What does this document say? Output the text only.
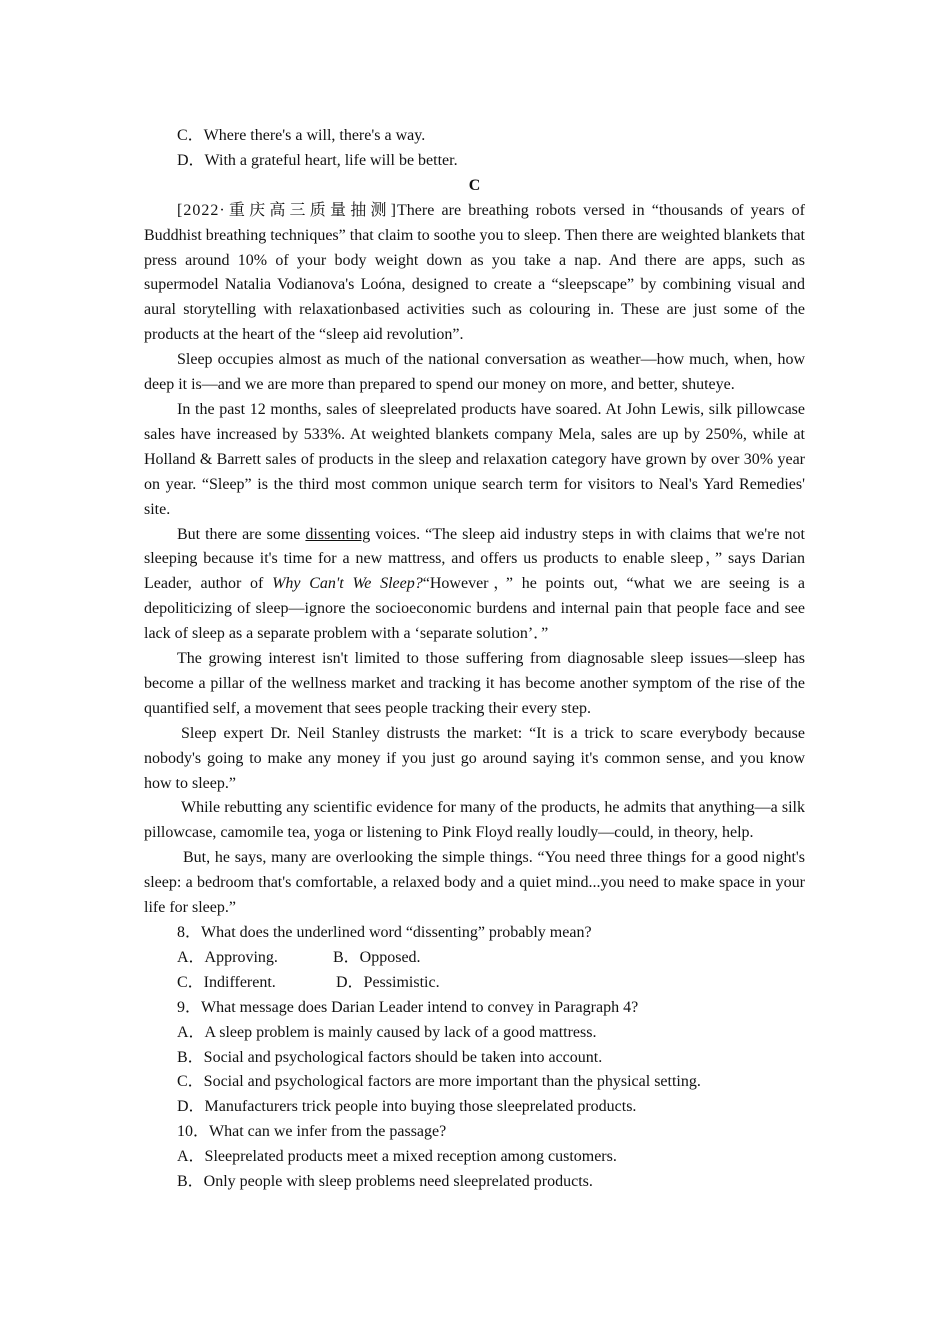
C．Where there's a will, there's a way.

D．With a grateful heart, life will be better.

C

[2022·重庆高三质量抽测]There are breathing robots versed in “thousands of years of Buddhist breathing techniques” that claim to soothe you to sleep. Then there are weighted blankets that press around 10% of your body weight down as you take a nap. And there are apps, such as supermodel Natalia Vodianova's Loóna, designed to create a “sleepscape” by combining visual and aural storytelling with relaxationbased activities such as colouring in. These are just some of the products at the heart of the “sleep aid revolution”.

Sleep occupies almost as much of the national conversation as weather—how much, when, how deep it is—and we are more than prepared to spend our money on more, and better, shuteye.

In the past 12 months, sales of sleeprelated products have soared. At John Lewis, silk pillowcase sales have increased by 533%. At weighted blankets company Mela, sales are up by 250%, while at Holland & Barrett sales of products in the sleep and relaxation category have grown by over 30% year on year. “Sleep” is the third most common unique search term for visitors to Neal's Yard Remedies' site.

But there are some dissenting voices. “The sleep aid industry steps in with claims that we're not sleeping because it's time for a new mattress, and offers us products to enable sleep，” says Darian Leader, author of Why Can't We Sleep?“However，” he points out, “what we are seeing is a depoliticizing of sleep—ignore the socioeconomic burdens and internal pain that people face and see lack of sleep as a separate problem with a ‘separate solution’．”

The growing interest isn't limited to those suffering from diagnosable sleep issues—sleep has become a pillar of the wellness market and tracking it has become another symptom of the rise of the quantified self, a movement that sees people tracking their every step.

Sleep expert Dr. Neil Stanley distrusts the market: “It is a trick to scare everybody because nobody's going to make any money if you just go around saying it's common sense, and you know how to sleep.”

While rebutting any scientific evidence for many of the products, he admits that anything—a silk pillowcase, camomile tea, yoga or listening to Pink Floyd really loudly—could, in theory, help.

But, he says, many are overlooking the simple things. “You need three things for a good night's sleep: a bedroom that's comfortable, a relaxed body and a quiet mind...you need to make space in your life for sleep.”

8．What does the underlined word “dissenting” probably mean?

A．Approving.	B．Opposed.
C．Indifferent.	D．Pessimistic.

9．What message does Darian Leader intend to convey in Paragraph 4?

A．A sleep problem is mainly caused by lack of a good mattress.

B．Social and psychological factors should be taken into account.

C．Social and psychological factors are more important than the physical setting.

D．Manufacturers trick people into buying those sleeprelated products.

10．What can we infer from the passage?

A．Sleeprelated products meet a mixed reception among customers.

B．Only people with sleep problems need sleeprelated products.
